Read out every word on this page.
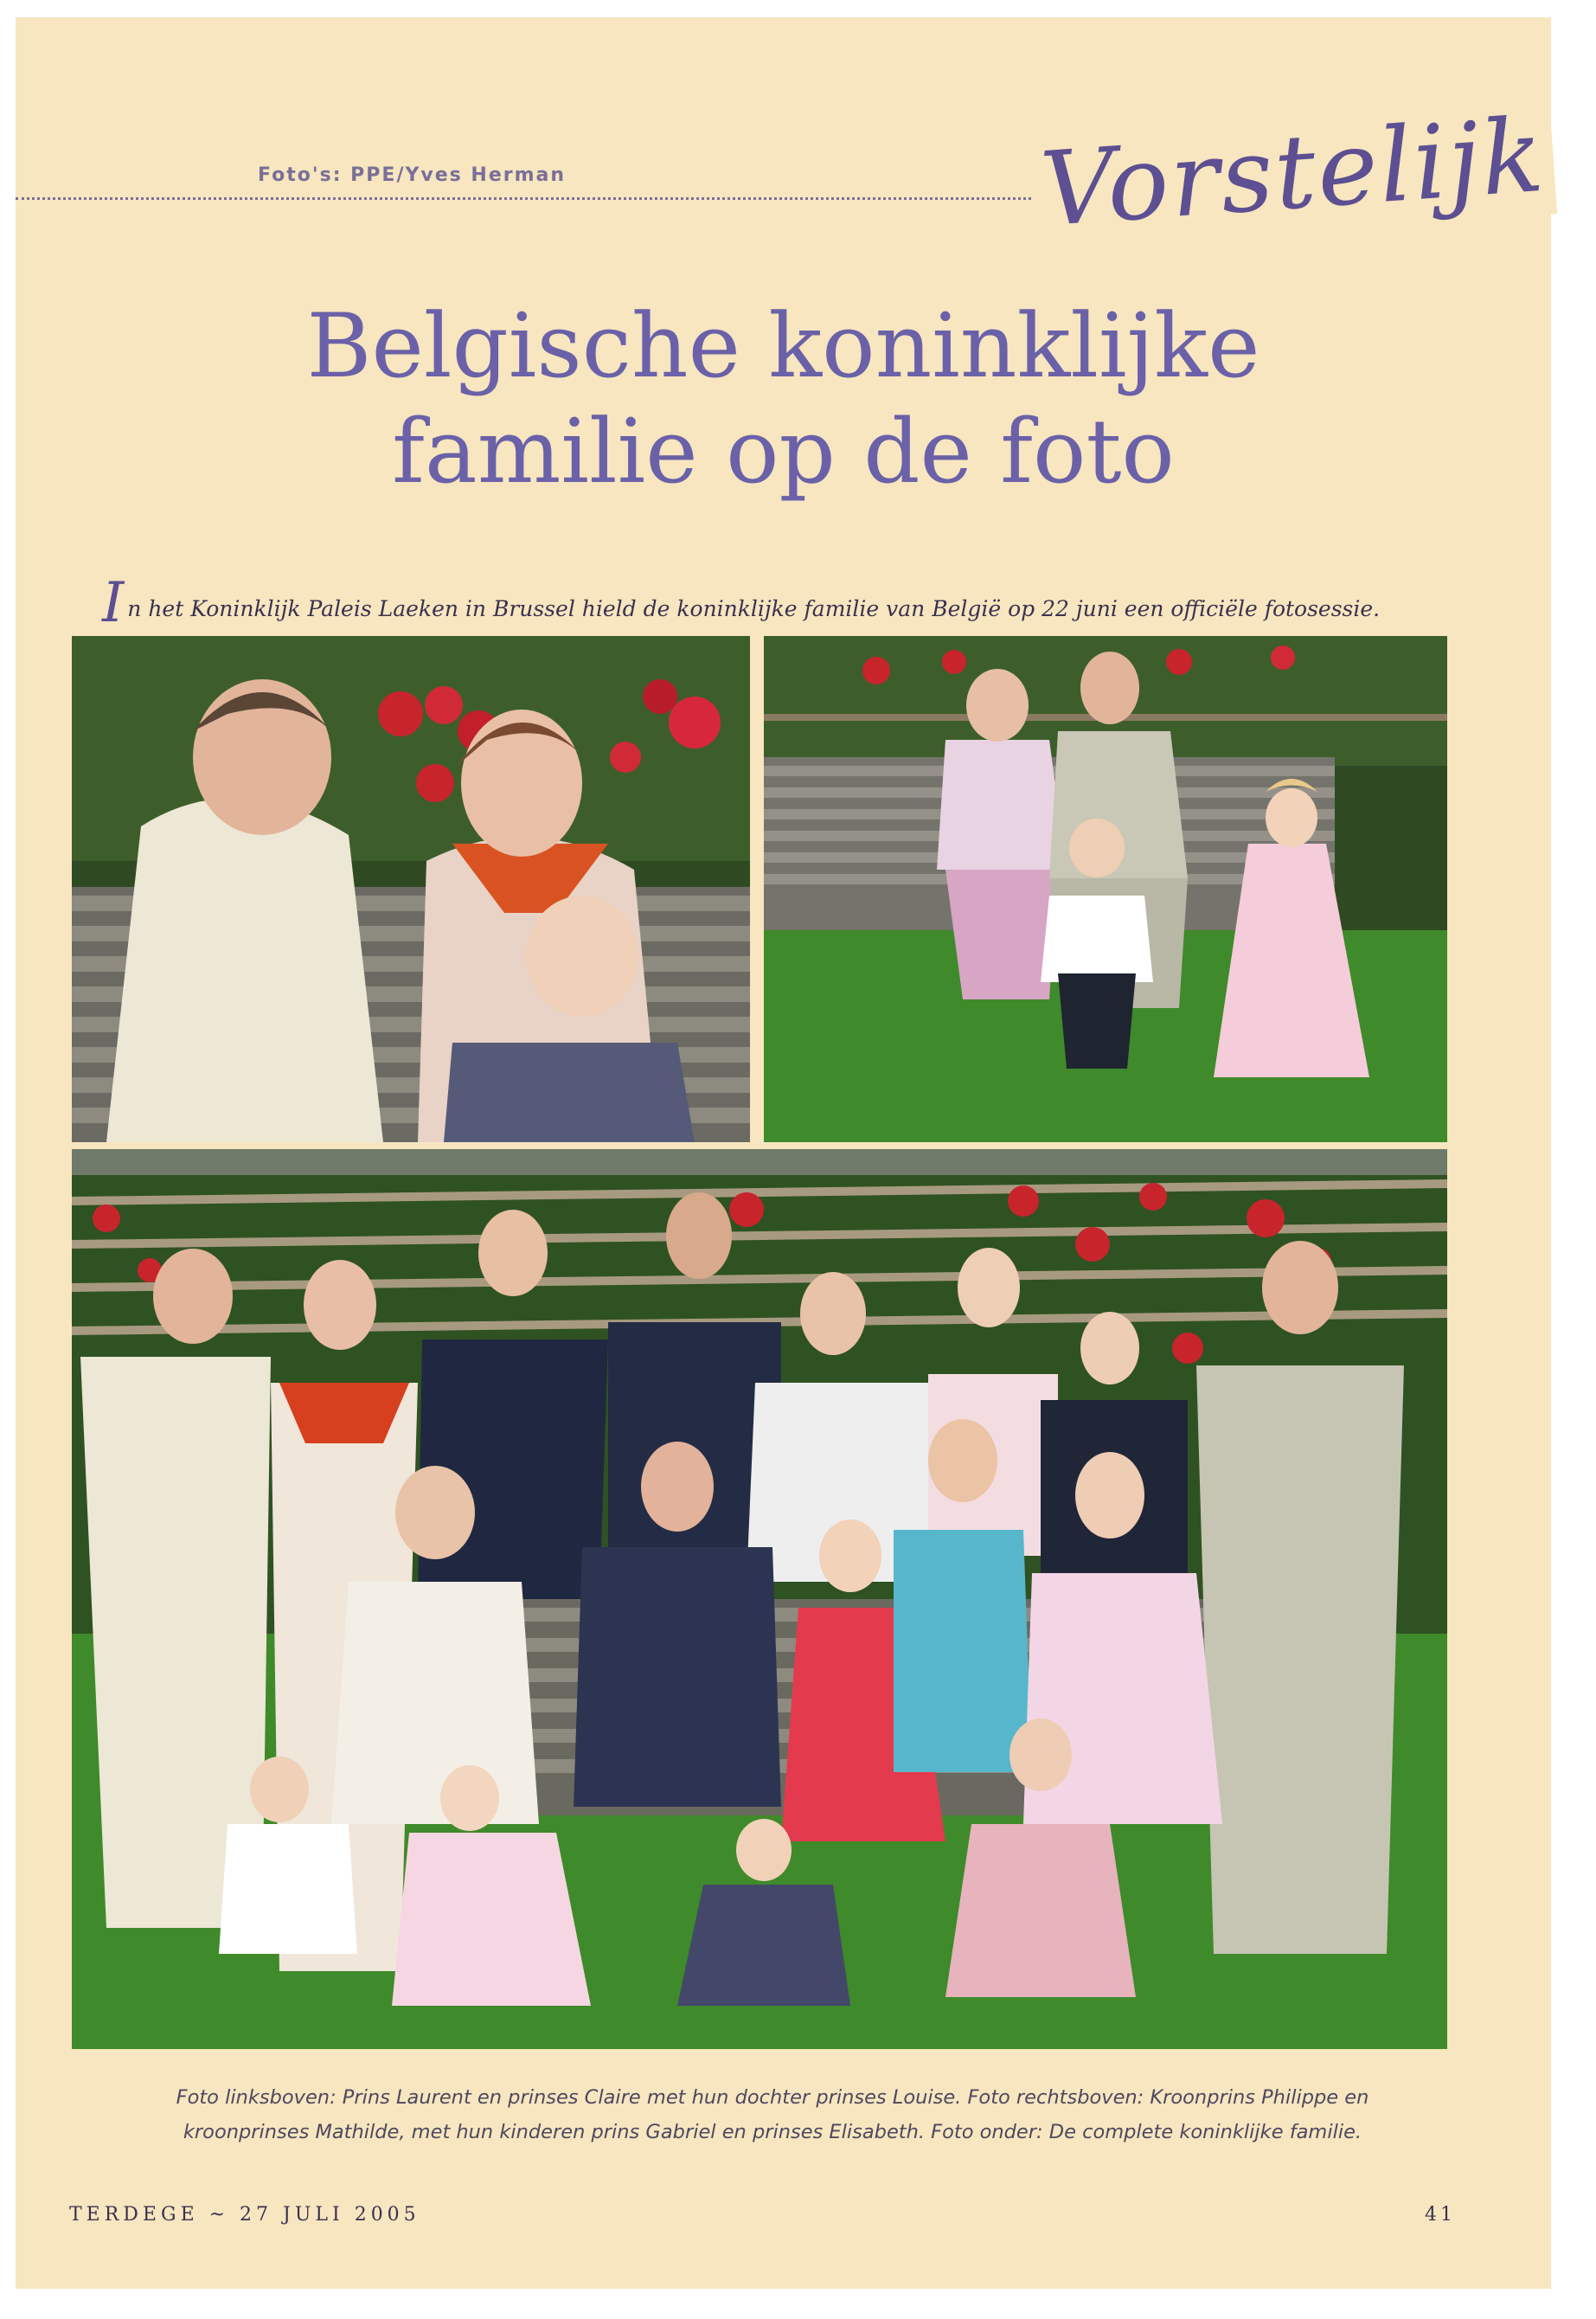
Foto's: PPE/Yves Herman	Vorstelijk
Belgische koninklijke
familie op de foto
In het Koninklijk Paleis Laeken in Brussel hield de koninklijke familie van België op 22 juni een officiële fotosessie.
Foto linksboven: Prins Laurent en prinses Claire met hun dochter prinses Louise. Foto rechtsboven: Kroonprins Philippe en
kroonprinses Mathilde, met hun kinderen prins Gabriel en prinses Elisabeth. Foto onder: De complete koninklijke familie.
TERDEGE ~ 27 JULI 2005	41
